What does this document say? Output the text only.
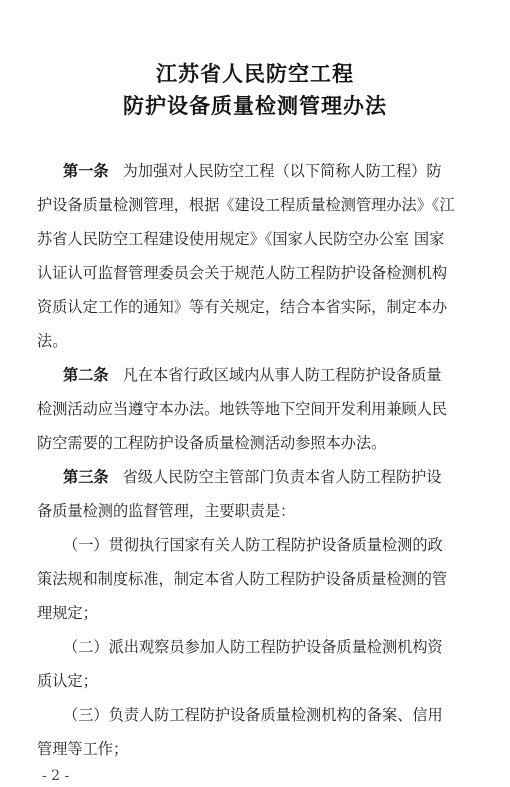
江苏省人民防空工程
防护设备质量检测管理办法
第一条 为加强对人民防空工程（以下简称人防工程）防
护设备质量检测管理，根据《建设工程质量检测管理办法》《江
苏省人民防空工程建设使用规定》《国家人民防空办公室 国家
认证认可监督管理委员会关于规范人防工程防护设备检测机构
资质认定工作的通知》等有关规定，结合本省实际，制定本办
法。
第二条 凡在本省行政区域内从事人防工程防护设备质量
检测活动应当遵守本办法。地铁等地下空间开发利用兼顾人民
防空需要的工程防护设备质量检测活动参照本办法。
第三条 省级人民防空主管部门负责本省人防工程防护设
备质量检测的监督管理，主要职责是：
（一）贯彻执行国家有关人防工程防护设备质量检测的政
策法规和制度标准，制定本省人防工程防护设备质量检测的管
理规定；
（二）派出观察员参加人防工程防护设备质量检测机构资
质认定；
（三）负责人防工程防护设备质量检测机构的备案、信用
管理等工作；
- 2 -
